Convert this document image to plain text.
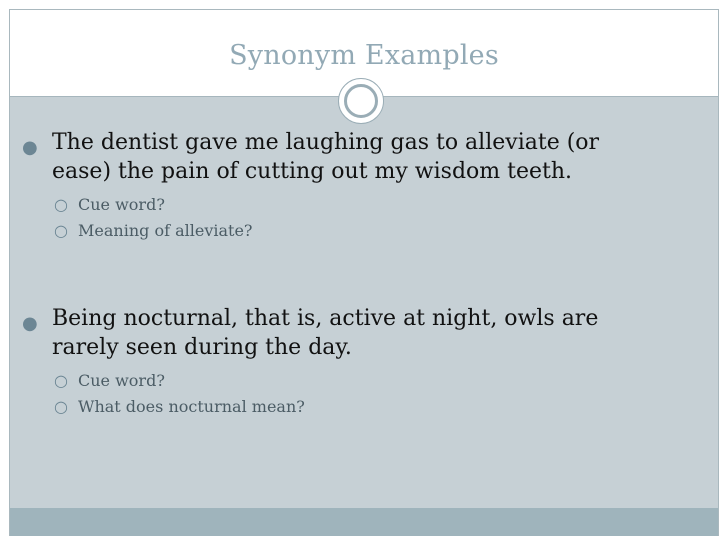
Synonym Examples
● The dentist gave me laughing gas to alleviate (or ease) the pain of cutting out my wisdom teeth.
○ Cue word?
○ Meaning of alleviate?
● Being nocturnal, that is, active at night, owls are rarely seen during the day.
○ Cue word?
○ What does nocturnal mean?
